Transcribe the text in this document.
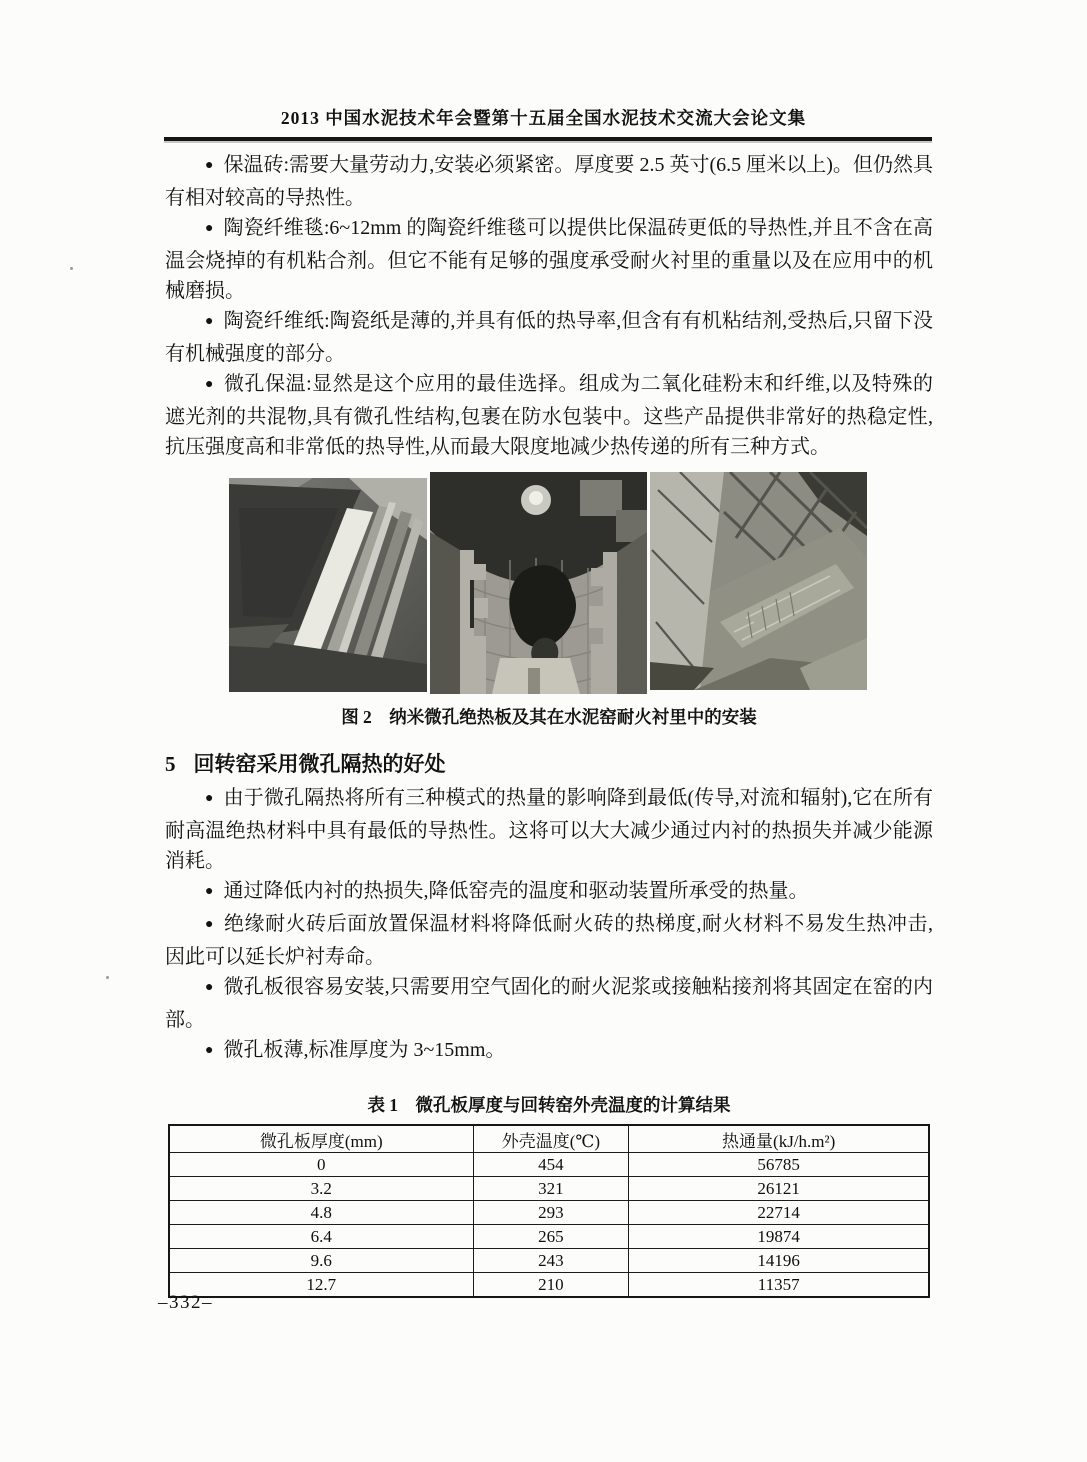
2013 中国水泥技术年会暨第十五届全国水泥技术交流大会论文集

● 保温砖:需要大量劳动力,安装必须紧密。厚度要 2.5 英寸(6.5 厘米以上)。但仍然具有相对较高的导热性。

● 陶瓷纤维毯:6~12mm 的陶瓷纤维毯可以提供比保温砖更低的导热性,并且不含在高温会烧掉的有机粘合剂。但它不能有足够的强度承受耐火衬里的重量以及在应用中的机械磨损。

● 陶瓷纤维纸:陶瓷纸是薄的,并具有低的热导率,但含有有机粘结剂,受热后,只留下没有机械强度的部分。

● 微孔保温:显然是这个应用的最佳选择。组成为二氧化硅粉末和纤维,以及特殊的遮光剂的共混物,具有微孔性结构,包裹在防水包装中。这些产品提供非常好的热稳定性,抗压强度高和非常低的热导性,从而最大限度地减少热传递的所有三种方式。

图 2　纳米微孔绝热板及其在水泥窑耐火衬里中的安装

5 回转窑采用微孔隔热的好处

● 由于微孔隔热将所有三种模式的热量的影响降到最低(传导,对流和辐射),它在所有耐高温绝热材料中具有最低的导热性。这将可以大大减少通过内衬的热损失并减少能源消耗。

● 通过降低内衬的热损失,降低窑壳的温度和驱动装置所承受的热量。

● 绝缘耐火砖后面放置保温材料将降低耐火砖的热梯度,耐火材料不易发生热冲击,因此可以延长炉衬寿命。

● 微孔板很容易安装,只需要用空气固化的耐火泥浆或接触粘接剂将其固定在窑的内部。

● 微孔板薄,标准厚度为 3~15mm。

表 1　微孔板厚度与回转窑外壳温度的计算结果

微孔板厚度(mm)	外壳温度(℃)	热通量(kJ/h.m²)
0	454	56785
3.2	321	26121
4.8	293	22714
6.4	265	19874
9.6	243	14196
12.7	210	11357
–332–
